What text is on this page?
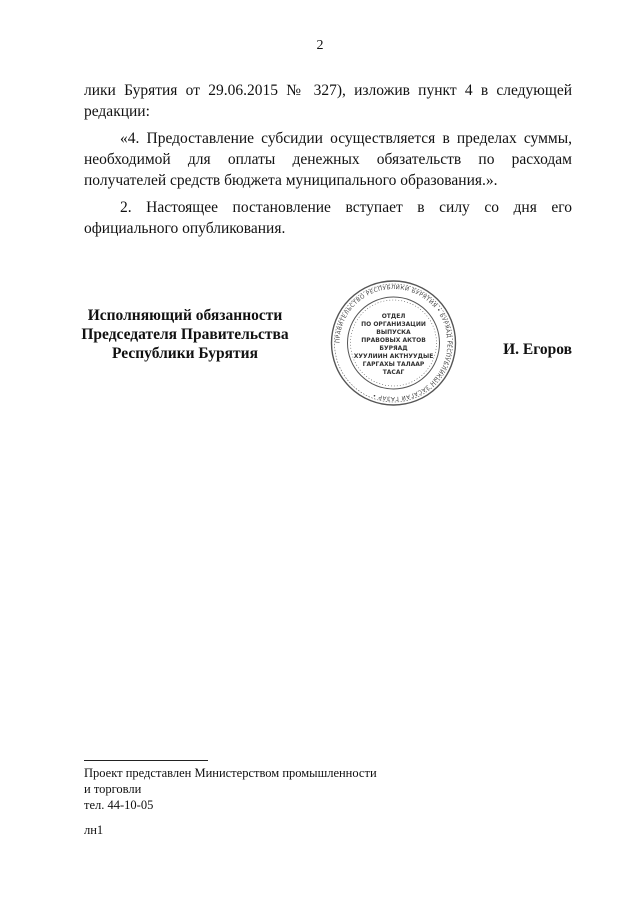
2
лики Бурятия от 29.06.2015 № 327), изложив пункт 4 в следующей редакции:
«4. Предоставление субсидии осуществляется в пределах суммы, необходимой для оплаты денежных обязательств по расходам получателей средств бюджета муниципального образования.».
2. Настоящее постановление вступает в силу со дня его официального опубликования.
Исполняющий обязанности
Председателя Правительства
Республики Бурятия
ПРАВИТЕЛЬСТВО РЕСПУБЛИКИ БУРЯТИЯ • БУРЯАД РЕСПУБЛИКЫН ЗАСАГАЙ ГАЗАР •
ОТДЕЛ
ПО ОРГАНИЗАЦИИ
ВЫПУСКА
ПРАВОВЫХ АКТОВ
БУРЯАД
ХУУЛИИН АКТНУУДЫЕ
ГАРГАХЫ ТАЛААР
ТАСАГ
И. Егоров
Проект представлен Министерством промышленности
и торговли
тел. 44-10-05
лн1
